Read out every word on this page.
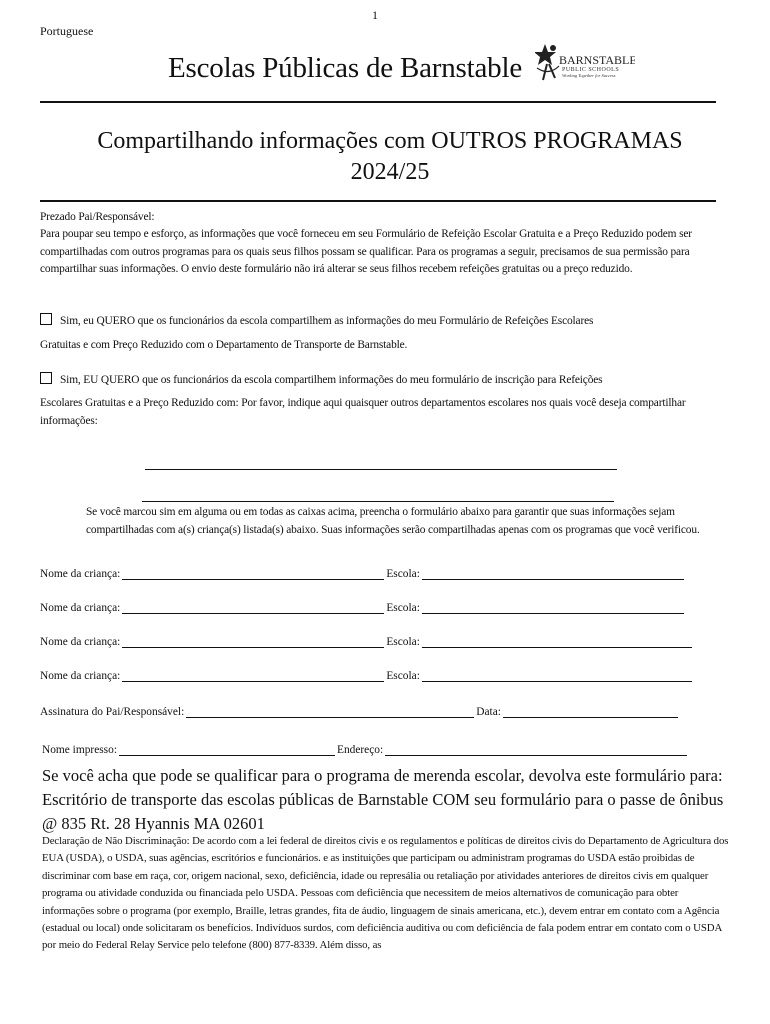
1
Portuguese
Escolas Públicas de Barnstable	BARNSTABLE
PUBLIC SCHOOLS
Working Together for Success
Compartilhando informações com OUTROS PROGRAMAS
2024/25
Prezado Pai/Responsável:
Para poupar seu tempo e esforço, as informações que você forneceu em seu Formulário de Refeição Escolar Gratuita e a Preço Reduzido podem ser compartilhadas com outros programas para os quais seus filhos possam se qualificar. Para os programas a seguir, precisamos de sua permissão para compartilhar suas informações. O envio deste formulário não irá alterar se seus filhos recebem refeições gratuitas ou a preço reduzido.
Sim, eu QUERO que os funcionários da escola compartilhem as informações do meu Formulário de Refeições Escolares
Gratuitas e com Preço Reduzido com o Departamento de Transporte de Barnstable.
Sim, EU QUERO que os funcionários da escola compartilhem informações do meu formulário de inscrição para Refeições
Escolares Gratuitas e a Preço Reduzido com: Por favor, indique aqui quaisquer outros departamentos escolares nos quais você deseja compartilhar informações:
Se você marcou sim em alguma ou em todas as caixas acima, preencha o formulário abaixo para garantir que suas informações sejam compartilhadas com a(s) criança(s) listada(s) abaixo. Suas informações serão compartilhadas apenas com os programas que você verificou.
Nome da criança:	Escola:
Nome da criança:	Escola:
Nome da criança:	Escola:
Nome da criança:	Escola:
Assinatura do Pai/Responsável:	Data:
Nome impresso:	Endereço:
Se você acha que pode se qualificar para o programa de merenda escolar, devolva este formulário para: Escritório de transporte das escolas públicas de Barnstable COM seu formulário para o passe de ônibus @ 835 Rt. 28 Hyannis MA 02601
Declaração de Não Discriminação: De acordo com a lei federal de direitos civis e os regulamentos e políticas de direitos civis do Departamento de Agricultura dos EUA (USDA), o USDA, suas agências, escritórios e funcionários. e as instituições que participam ou administram programas do USDA estão proibidas de discriminar com base em raça, cor, origem nacional, sexo, deficiência, idade ou represália ou retaliação por atividades anteriores de direitos civis em qualquer programa ou atividade conduzida ou financiada pelo USDA. Pessoas com deficiência que necessitem de meios alternativos de comunicação para obter informações sobre o programa (por exemplo, Braille, letras grandes, fita de áudio, linguagem de sinais americana, etc.), devem entrar em contato com a Agência (estadual ou local) onde solicitaram os benefícios. Indivíduos surdos, com deficiência auditiva ou com deficiência de fala podem entrar em contato com o USDA por meio do Federal Relay Service pelo telefone (800) 877-8339. Além disso, as
